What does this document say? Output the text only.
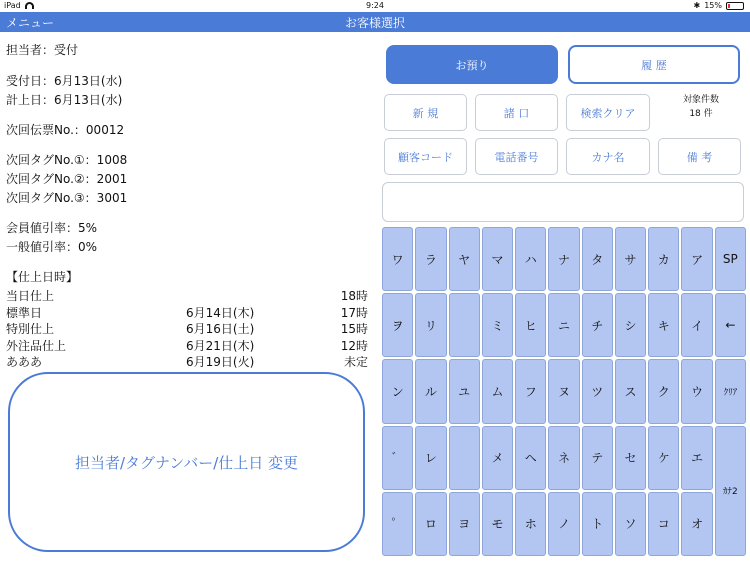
iPad	9:24	✱ 15%
メニュー	お客様選択
担当者：受付
受付日：6月13日(水)
計上日：6月13日(水)
次回伝票No.：00012
次回タグNo.①：1008
次回タグNo.②：2001
次回タグNo.③：3001
会員値引率：5%
一般値引率：0%
【仕上日時】
当日仕上	18時
標準日	6月14日(木)	17時
特別仕上	6月16日(土)	15時
外注品仕上	6月21日(木)	12時
あああ	6月19日(火)	未定
担当者/タグナンバー/仕上日 変更
お預り	履 歴
新 規	諸 口	検索クリア
対象件数
18 件
顧客コード	電話番号	カナ名	備 考
ワ	ラ	ヤ	マ	ハ	ナ	タ	サ	カ	ア	SP
ヲ	リ	ミ	ヒ	ニ	チ	シ	キ	イ	←
ン	ル	ユ	ム	フ	ヌ	ツ	ス	ク	ウ	ｸﾘｱ
゛	レ	メ	ヘ	ネ	テ	セ	ケ	エ
゜	ロ	ヨ	モ	ホ	ノ	ト	ソ	コ	オ
ｶﾅ2
